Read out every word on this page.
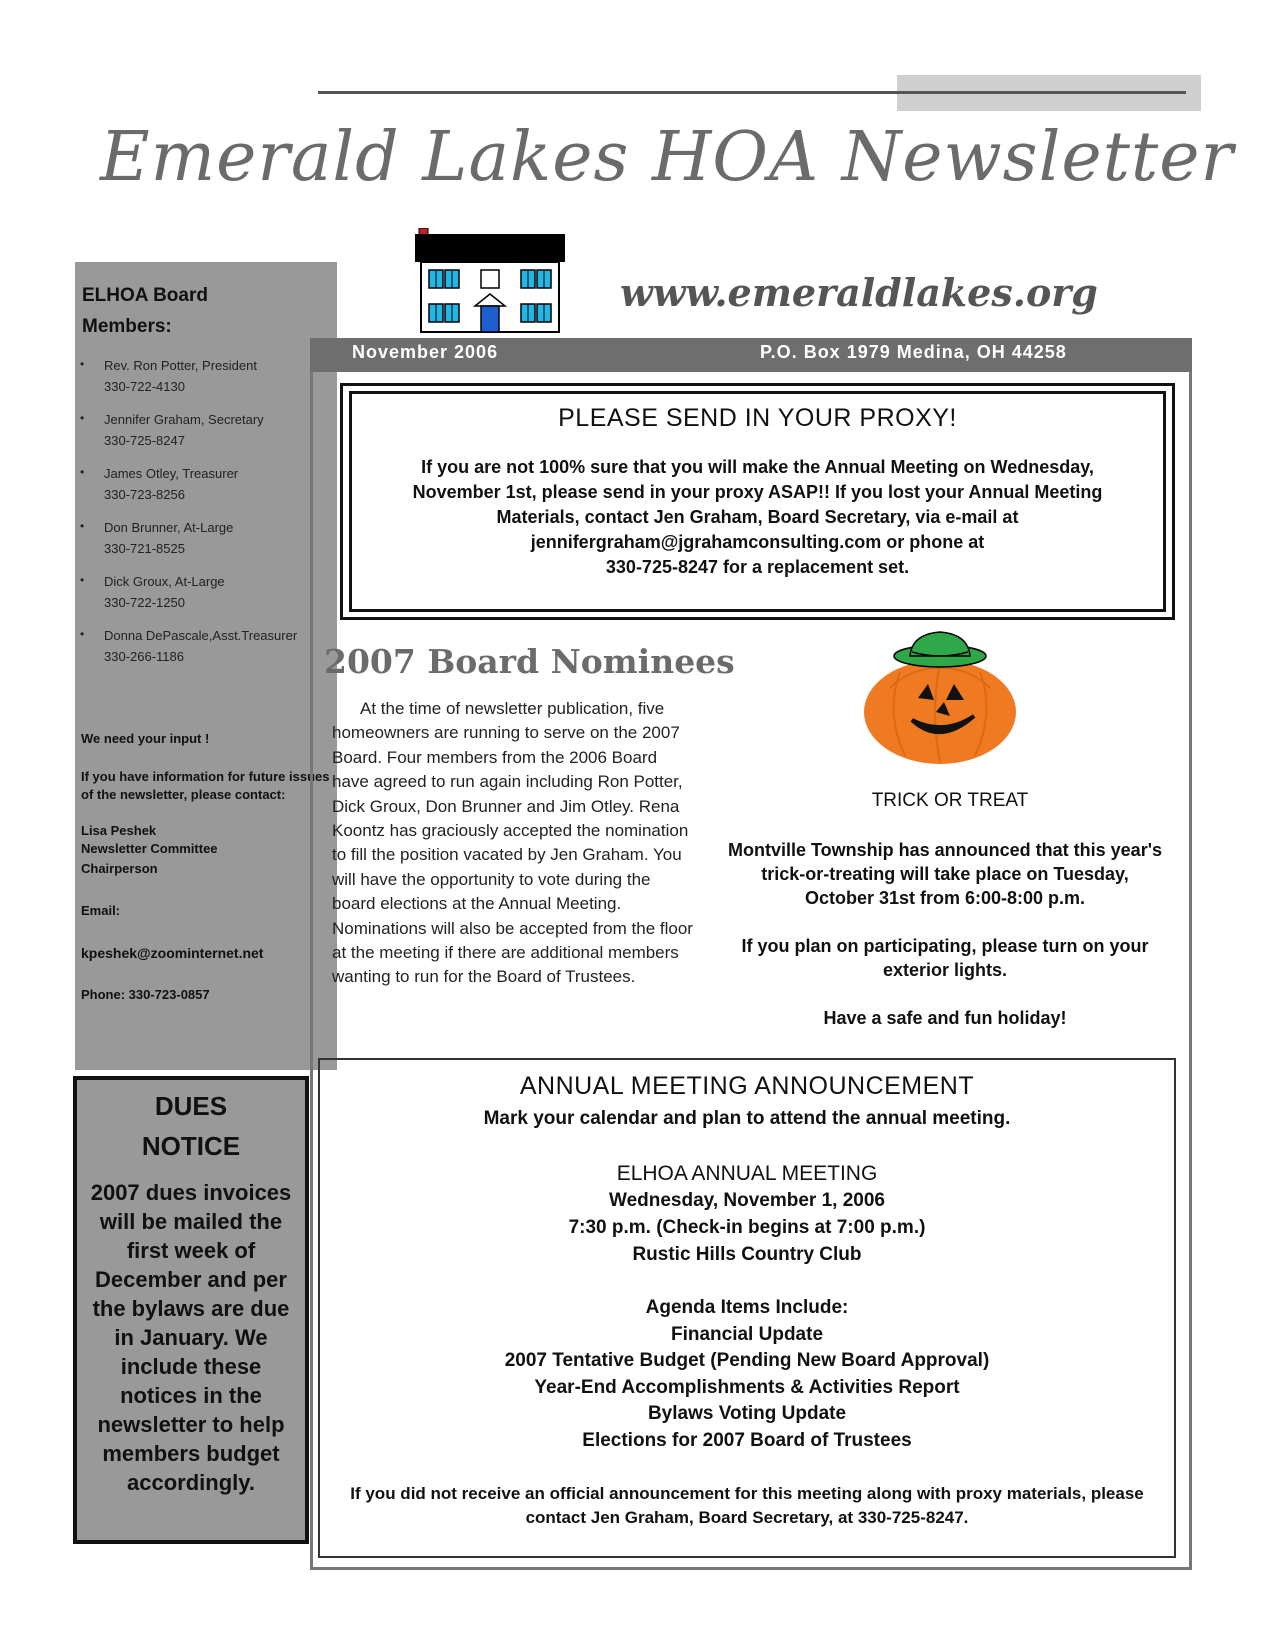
Emerald Lakes HOA Newsletter
www.emeraldlakes.org
ELHOA Board
Members:
• Rev. Ron Potter, President
330-722-4130
• Jennifer Graham, Secretary
330-725-8247
• James Otley, Treasurer
330-723-8256
• Don Brunner, At-Large
330-721-8525
• Dick Groux, At-Large
330-722-1250
• Donna DePascale,Asst.Treasurer
330-266-1186

We need your input !

If you have information for future issues of the newsletter, please contact:

Lisa Peshek

Newsletter Committee

Chairperson

Email:

kpeshek@zoominternet.net

Phone: 330-723-0857

DUES
NOTICE
2007 dues invoices will be mailed the first week of December and per the bylaws are due in January. We include these notices in the newsletter to help members budget accordingly.
November 2006	P.O. Box 1979 Medina, OH 44258
PLEASE SEND IN YOUR PROXY!
If you are not 100% sure that you will make the Annual Meeting on Wednesday, November 1st, please send in your proxy ASAP!! If you lost your Annual Meeting Materials, contact Jen Graham, Board Secretary, via e-mail at jennifergraham@jgrahamconsulting.com or phone at
330-725-8247 for a replacement set.
2007 Board Nominees
At the time of newsletter publication, five homeowners are running to serve on the 2007 Board. Four members from the 2006 Board have agreed to run again including Ron Potter, Dick Groux, Don Brunner and Jim Otley. Rena Koontz has graciously accepted the nomination to fill the position vacated by Jen Graham. You will have the opportunity to vote during the board elections at the Annual Meeting. Nominations will also be accepted from the floor at the meeting if there are additional members wanting to run for the Board of Trustees.
TRICK OR TREAT

Montville Township has announced that this year's trick-or-treating will take place on Tuesday, October 31st from 6:00-8:00 p.m.

If you plan on participating, please turn on your exterior lights.

Have a safe and fun holiday!

ANNUAL MEETING ANNOUNCEMENT
Mark your calendar and plan to attend the annual meeting.
ELHOA ANNUAL MEETING
Wednesday, November 1, 2006
7:30 p.m. (Check-in begins at 7:00 p.m.)
Rustic Hills Country Club
Agenda Items Include:
Financial Update
2007 Tentative Budget (Pending New Board Approval)
Year-End Accomplishments & Activities Report
Bylaws Voting Update
Elections for 2007 Board of Trustees
If you did not receive an official announcement for this meeting along with proxy materials, please contact Jen Graham, Board Secretary, at 330-725-8247.
